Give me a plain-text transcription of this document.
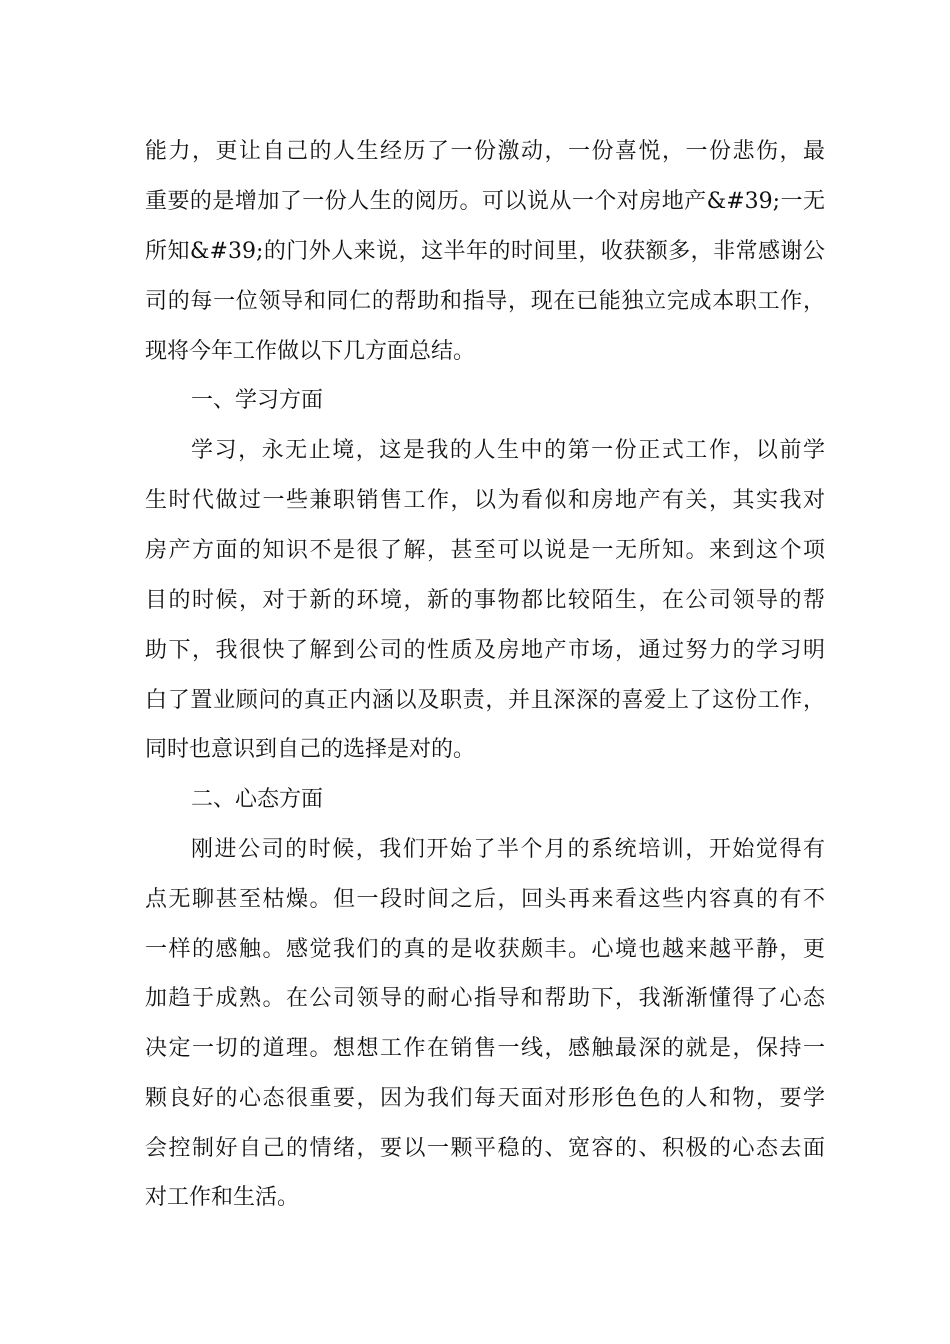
能力，更让自己的人生经历了一份激动，一份喜悦，一份悲伤，最
重要的是增加了一份人生的阅历。可以说从一个对房地产&#39;一无
所知&#39;的门外人来说，这半年的时间里，收获额多，非常感谢公
司的每一位领导和同仁的帮助和指导，现在已能独立完成本职工作，
现将今年工作做以下几方面总结。
一、学习方面
学习，永无止境，这是我的人生中的第一份正式工作，以前学
生时代做过一些兼职销售工作，以为看似和房地产有关，其实我对
房产方面的知识不是很了解，甚至可以说是一无所知。来到这个项
目的时候，对于新的环境，新的事物都比较陌生，在公司领导的帮
助下，我很快了解到公司的性质及房地产市场，通过努力的学习明
白了置业顾问的真正内涵以及职责，并且深深的喜爱上了这份工作，
同时也意识到自己的选择是对的。
二、心态方面
刚进公司的时候，我们开始了半个月的系统培训，开始觉得有
点无聊甚至枯燥。但一段时间之后，回头再来看这些内容真的有不
一样的感触。感觉我们的真的是收获颇丰。心境也越来越平静，更
加趋于成熟。在公司领导的耐心指导和帮助下，我渐渐懂得了心态
决定一切的道理。想想工作在销售一线，感触最深的就是，保持一
颗良好的心态很重要，因为我们每天面对形形色色的人和物，要学
会控制好自己的情绪，要以一颗平稳的、宽容的、积极的心态去面
对工作和生活。
